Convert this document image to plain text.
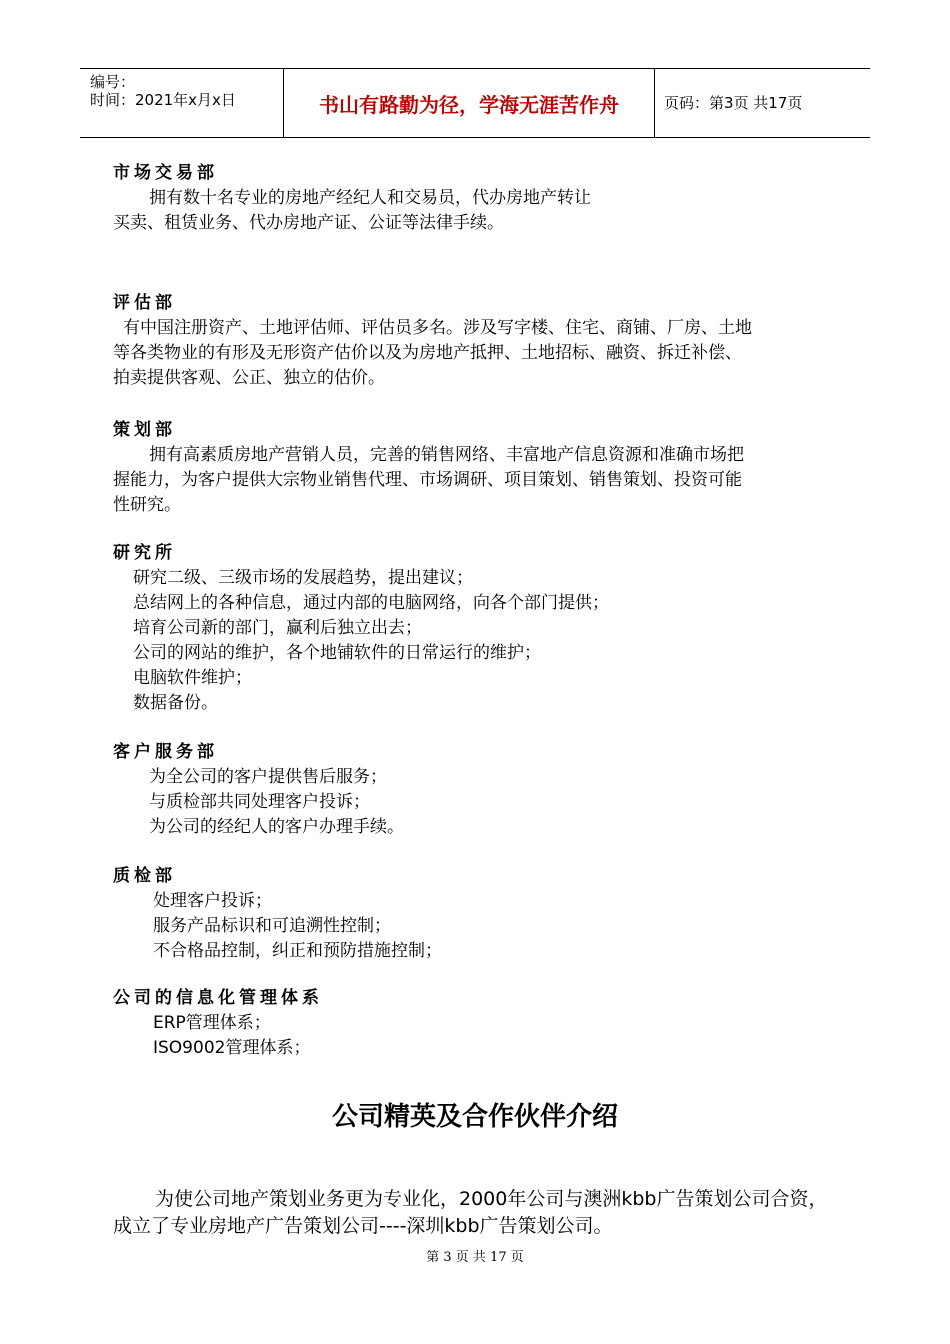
编号：
时间：2021年x月x日	书山有路勤为径，学海无涯苦作舟	页码：第3页 共17页

市场交易部

拥有数十名专业的房地产经纪人和交易员，代办房地产转让

买卖、租赁业务、代办房地产证、公证等法律手续。

评估部

有中国注册资产、土地评估师、评估员多名。涉及写字楼、住宅、商铺、厂房、土地

等各类物业的有形及无形资产估价以及为房地产抵押、土地招标、融资、拆迁补偿、

拍卖提供客观、公正、独立的估价。

策划部

拥有高素质房地产营销人员，完善的销售网络、丰富地产信息资源和准确市场把

握能力，为客户提供大宗物业销售代理、市场调研、项目策划、销售策划、投资可能

性研究。

研究所

研究二级、三级市场的发展趋势，提出建议；

总结网上的各种信息，通过内部的电脑网络，向各个部门提供；

培育公司新的部门，赢利后独立出去；

公司的网站的维护，各个地铺软件的日常运行的维护；

电脑软件维护；

数据备份。

客户服务部

为全公司的客户提供售后服务；

与质检部共同处理客户投诉；

为公司的经纪人的客户办理手续。

质检部

处理客户投诉；

服务产品标识和可追溯性控制；

不合格品控制，纠正和预防措施控制；

公司的信息化管理体系

ERP管理体系；

ISO9002管理体系；

公司精英及合作伙伴介绍
为使公司地产策划业务更为专业化，2000年公司与澳洲kbb广告策划公司合资，成立了专业房地产广告策划公司----深圳kbb广告策划公司。
第 3 页 共 17 页
